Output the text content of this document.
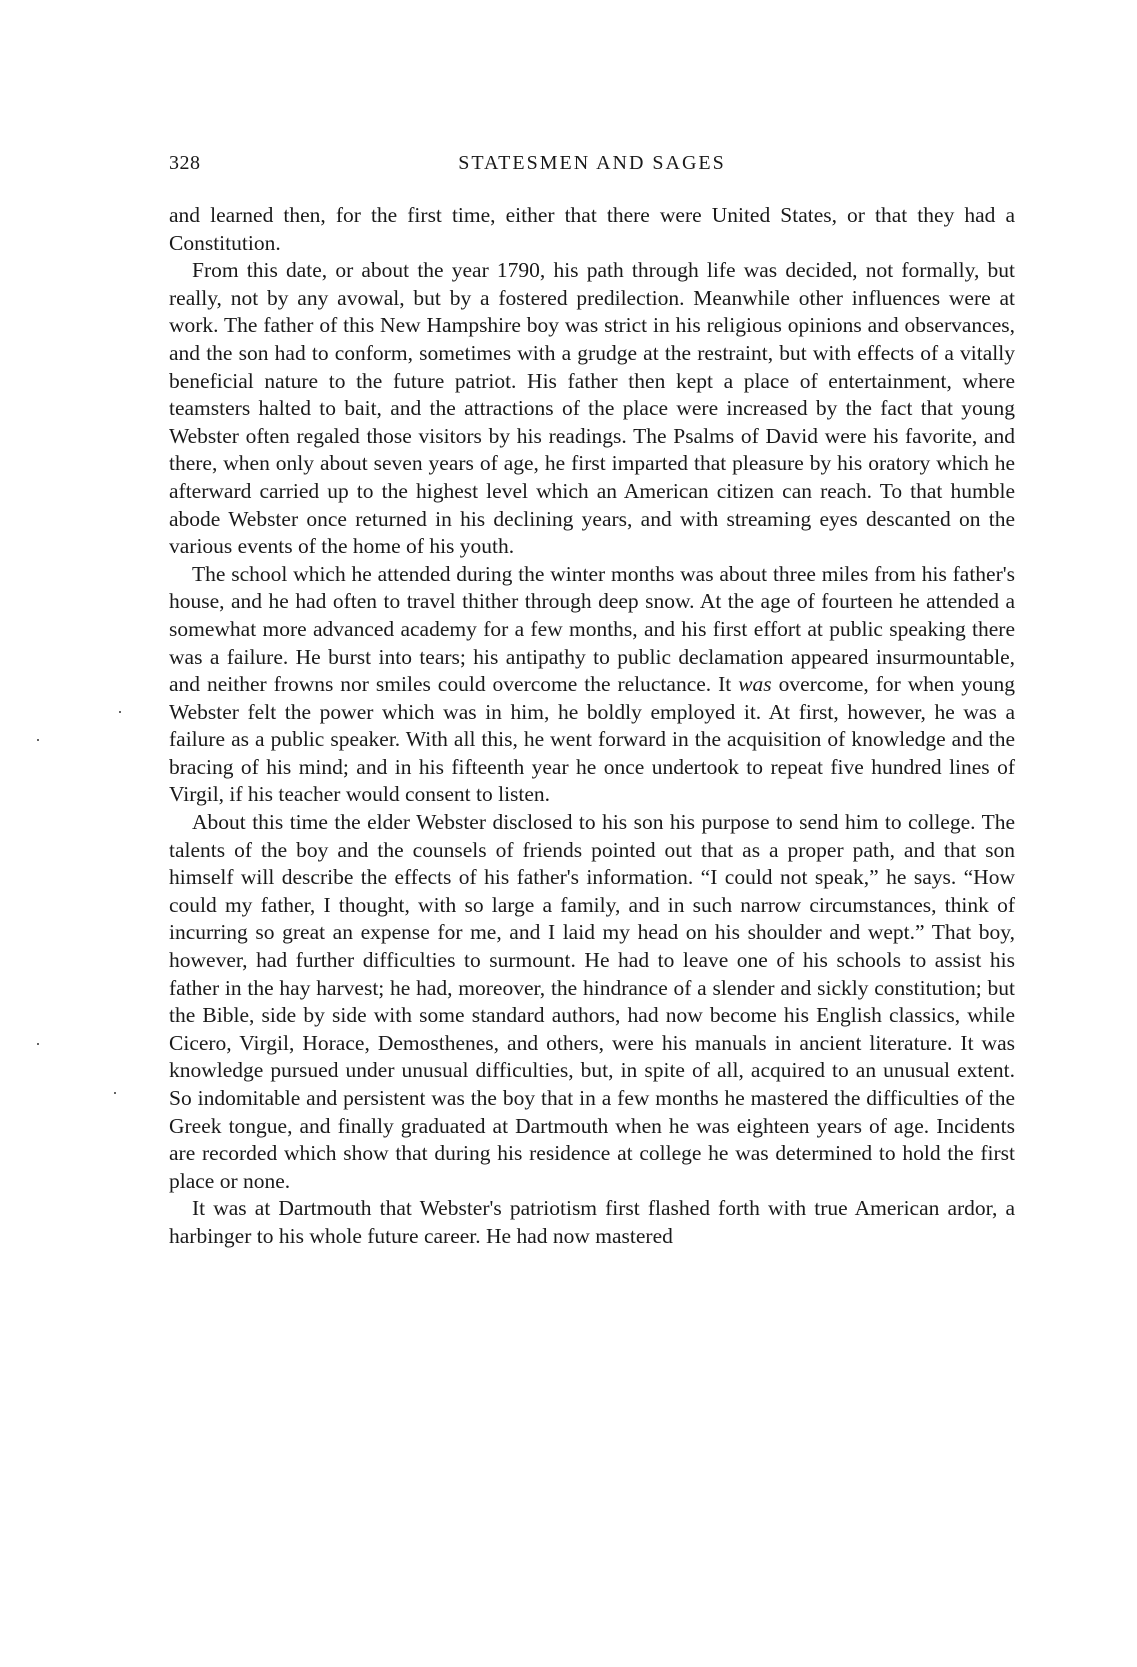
328	STATESMEN AND SAGES

and learned then, for the first time, either that there were United States, or that they had a Constitution.

From this date, or about the year 1790, his path through life was decided, not formally, but really, not by any avowal, but by a fostered predilection. Meanwhile other influences were at work. The father of this New Hampshire boy was strict in his religious opinions and observances, and the son had to conform, sometimes with a grudge at the restraint, but with effects of a vitally beneficial nature to the future patriot. His father then kept a place of entertainment, where teamsters halted to bait, and the attractions of the place were increased by the fact that young Webster often regaled those visitors by his readings. The Psalms of David were his favorite, and there, when only about seven years of age, he first imparted that pleasure by his oratory which he afterward carried up to the highest level which an American citizen can reach. To that humble abode Webster once returned in his declining years, and with streaming eyes descanted on the various events of the home of his youth.

The school which he attended during the winter months was about three miles from his father's house, and he had often to travel thither through deep snow. At the age of fourteen he attended a somewhat more advanced academy for a few months, and his first effort at public speaking there was a failure. He burst into tears; his antipathy to public declamation appeared insurmountable, and neither frowns nor smiles could overcome the reluctance. It was overcome, for when young Webster felt the power which was in him, he boldly employed it. At first, however, he was a failure as a public speaker. With all this, he went forward in the acquisition of knowledge and the bracing of his mind; and in his fifteenth year he once undertook to repeat five hundred lines of Virgil, if his teacher would consent to listen.

About this time the elder Webster disclosed to his son his purpose to send him to college. The talents of the boy and the counsels of friends pointed out that as a proper path, and that son himself will describe the effects of his father's information. “I could not speak,” he says. “How could my father, I thought, with so large a family, and in such narrow circumstances, think of incurring so great an expense for me, and I laid my head on his shoulder and wept.” That boy, however, had further difficulties to surmount. He had to leave one of his schools to assist his father in the hay harvest; he had, moreover, the hindrance of a slender and sickly constitution; but the Bible, side by side with some standard authors, had now become his English classics, while Cicero, Virgil, Horace, Demosthenes, and others, were his manuals in ancient literature. It was knowledge pursued under unusual difficulties, but, in spite of all, acquired to an unusual extent. So indomitable and persistent was the boy that in a few months he mastered the difficulties of the Greek tongue, and finally graduated at Dartmouth when he was eighteen years of age. Incidents are recorded which show that during his residence at college he was determined to hold the first place or none.

It was at Dartmouth that Webster's patriotism first flashed forth with true American ardor, a harbinger to his whole future career. He had now mastered
